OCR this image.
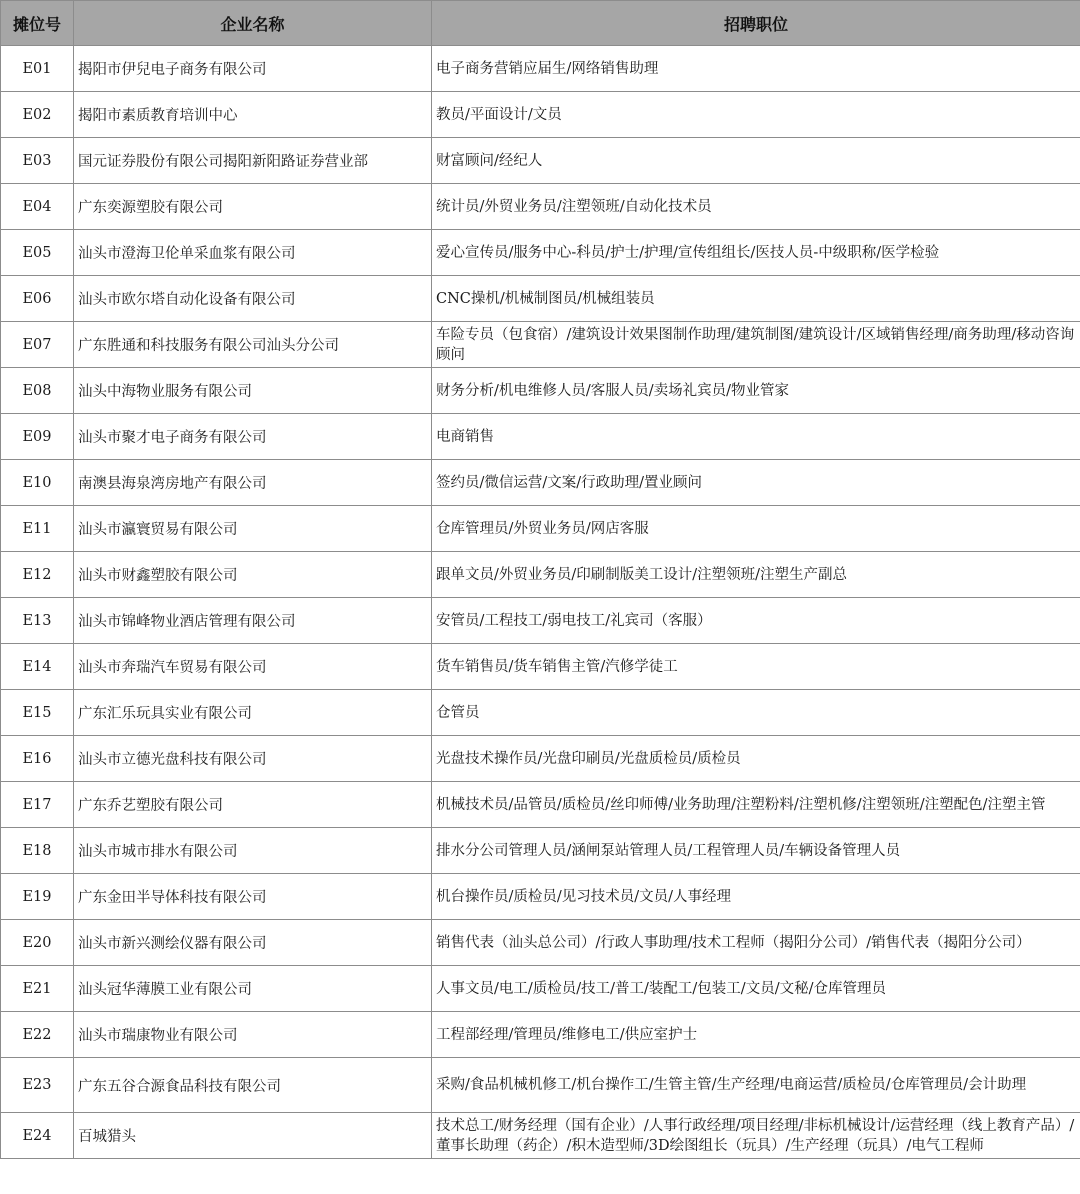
摊位号	企业名称	招聘职位
E01	揭阳市伊兒电子商务有限公司	电子商务营销应届生/网络销售助理
E02	揭阳市素质教育培训中心	教员/平面设计/文员
E03	国元证券股份有限公司揭阳新阳路证券营业部	财富顾问/经纪人
E04	广东奕源塑胶有限公司	统计员/外贸业务员/注塑领班/自动化技术员
E05	汕头市澄海卫伦单采血浆有限公司	爱心宣传员/服务中心-科员/护士/护理/宣传组组长/医技人员-中级职称/医学检验
E06	汕头市欧尔塔自动化设备有限公司	CNC操机/机械制图员/机械组装员
E07	广东胜通和科技服务有限公司汕头分公司	车险专员（包食宿）/建筑设计效果图制作助理/建筑制图/建筑设计/区域销售经理/商务助理/移动咨询顾问
E08	汕头中海物业服务有限公司	财务分析/机电维修人员/客服人员/卖场礼宾员/物业管家
E09	汕头市聚才电子商务有限公司	电商销售
E10	南澳县海泉湾房地产有限公司	签约员/微信运营/文案/行政助理/置业顾问
E11	汕头市瀛寰贸易有限公司	仓库管理员/外贸业务员/网店客服
E12	汕头市财鑫塑胶有限公司	跟单文员/外贸业务员/印刷制版美工设计/注塑领班/注塑生产副总
E13	汕头市锦峰物业酒店管理有限公司	安管员/工程技工/弱电技工/礼宾司（客服）
E14	汕头市奔瑞汽车贸易有限公司	货车销售员/货车销售主管/汽修学徒工
E15	广东汇乐玩具实业有限公司	仓管员
E16	汕头市立德光盘科技有限公司	光盘技术操作员/光盘印刷员/光盘质检员/质检员
E17	广东乔艺塑胶有限公司	机械技术员/品管员/质检员/丝印师傅/业务助理/注塑粉料/注塑机修/注塑领班/注塑配色/注塑主管
E18	汕头市城市排水有限公司	排水分公司管理人员/涵闸泵站管理人员/工程管理人员/车辆设备管理人员
E19	广东金田半导体科技有限公司	机台操作员/质检员/见习技术员/文员/人事经理
E20	汕头市新兴测绘仪器有限公司	销售代表（汕头总公司）/行政人事助理/技术工程师（揭阳分公司）/销售代表（揭阳分公司）
E21	汕头冠华薄膜工业有限公司	人事文员/电工/质检员/技工/普工/装配工/包装工/文员/文秘/仓库管理员
E22	汕头市瑞康物业有限公司	工程部经理/管理员/维修电工/供应室护士
E23	广东五谷合源食品科技有限公司	采购/食品机械机修工/机台操作工/生管主管/生产经理/电商运营/质检员/仓库管理员/会计助理
E24	百城猎头	技术总工/财务经理（国有企业）/人事行政经理/项目经理/非标机械设计/运营经理（线上教育产品）/董事长助理（药企）/积木造型师/3D绘图组长（玩具）/生产经理（玩具）/电气工程师
